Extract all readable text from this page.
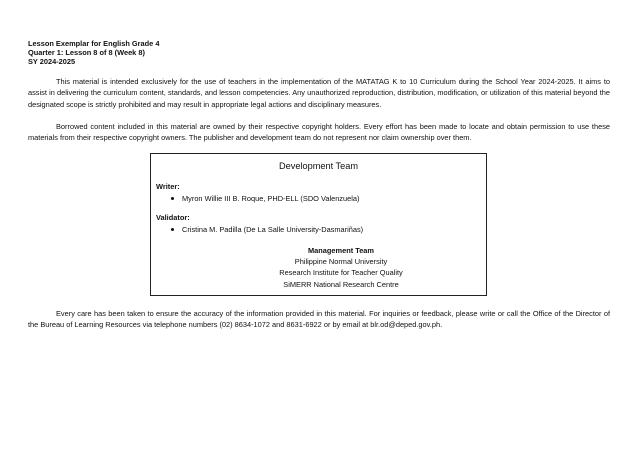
Lesson Exemplar for English Grade 4
Quarter 1: Lesson 8 of 8 (Week 8)
SY 2024-2025

This material is intended exclusively for the use of teachers in the implementation of the MATATAG K to 10 Curriculum during the School Year 2024-2025. It aims to assist in delivering the curriculum content, standards, and lesson competencies. Any unauthorized reproduction, distribution, modification, or utilization of this material beyond the designated scope is strictly prohibited and may result in appropriate legal actions and disciplinary measures.

Borrowed content included in this material are owned by their respective copyright holders. Every effort has been made to locate and obtain permission to use these materials from their respective copyright owners. The publisher and development team do not represent nor claim ownership over them.

Development Team
Writer:
Myron Willie III B. Roque, PHD-ELL (SDO Valenzuela)
Validator:
Cristina M. Padilla (De La Salle University-Dasmariñas)
Management Team
Philippine Normal University
Research Institute for Teacher Quality
SiMERR National Research Centre

Every care has been taken to ensure the accuracy of the information provided in this material. For inquiries or feedback, please write or call the Office of the Director of the Bureau of Learning Resources via telephone numbers (02) 8634-1072 and 8631-6922 or by email at blr.od@deped.gov.ph.
